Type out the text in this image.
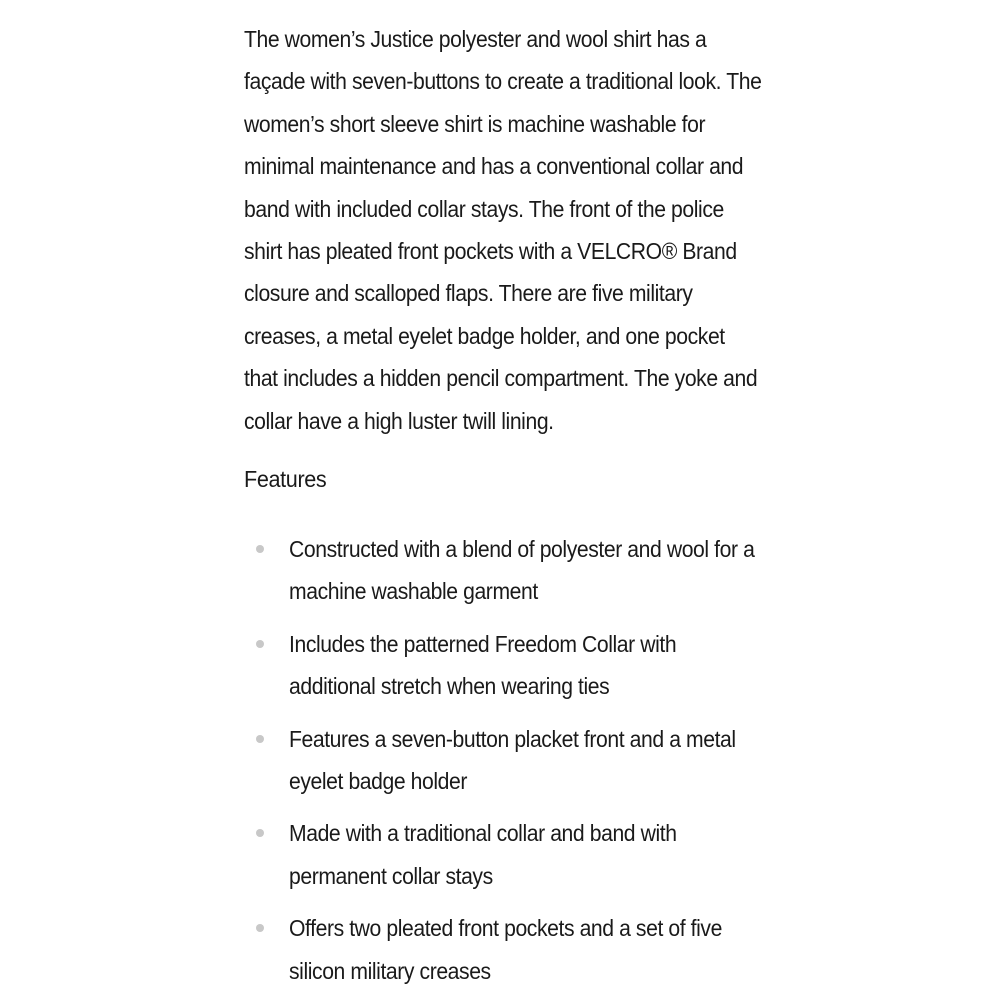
The women’s Justice polyester and wool shirt has a façade with seven-buttons to create a traditional look. The women’s short sleeve shirt is machine washable for minimal maintenance and has a conventional collar and band with included collar stays. The front of the police shirt has pleated front pockets with a VELCRO® Brand closure and scalloped flaps. There are five military creases, a metal eyelet badge holder, and one pocket that includes a hidden pencil compartment. The yoke and collar have a high luster twill lining.

Features
Constructed with a blend of polyester and wool for a machine washable garment
Includes the patterned Freedom Collar with additional stretch when wearing ties
Features a seven-button placket front and a metal eyelet badge holder
Made with a traditional collar and band with permanent collar stays
Offers two pleated front pockets and a set of five silicon military creases
